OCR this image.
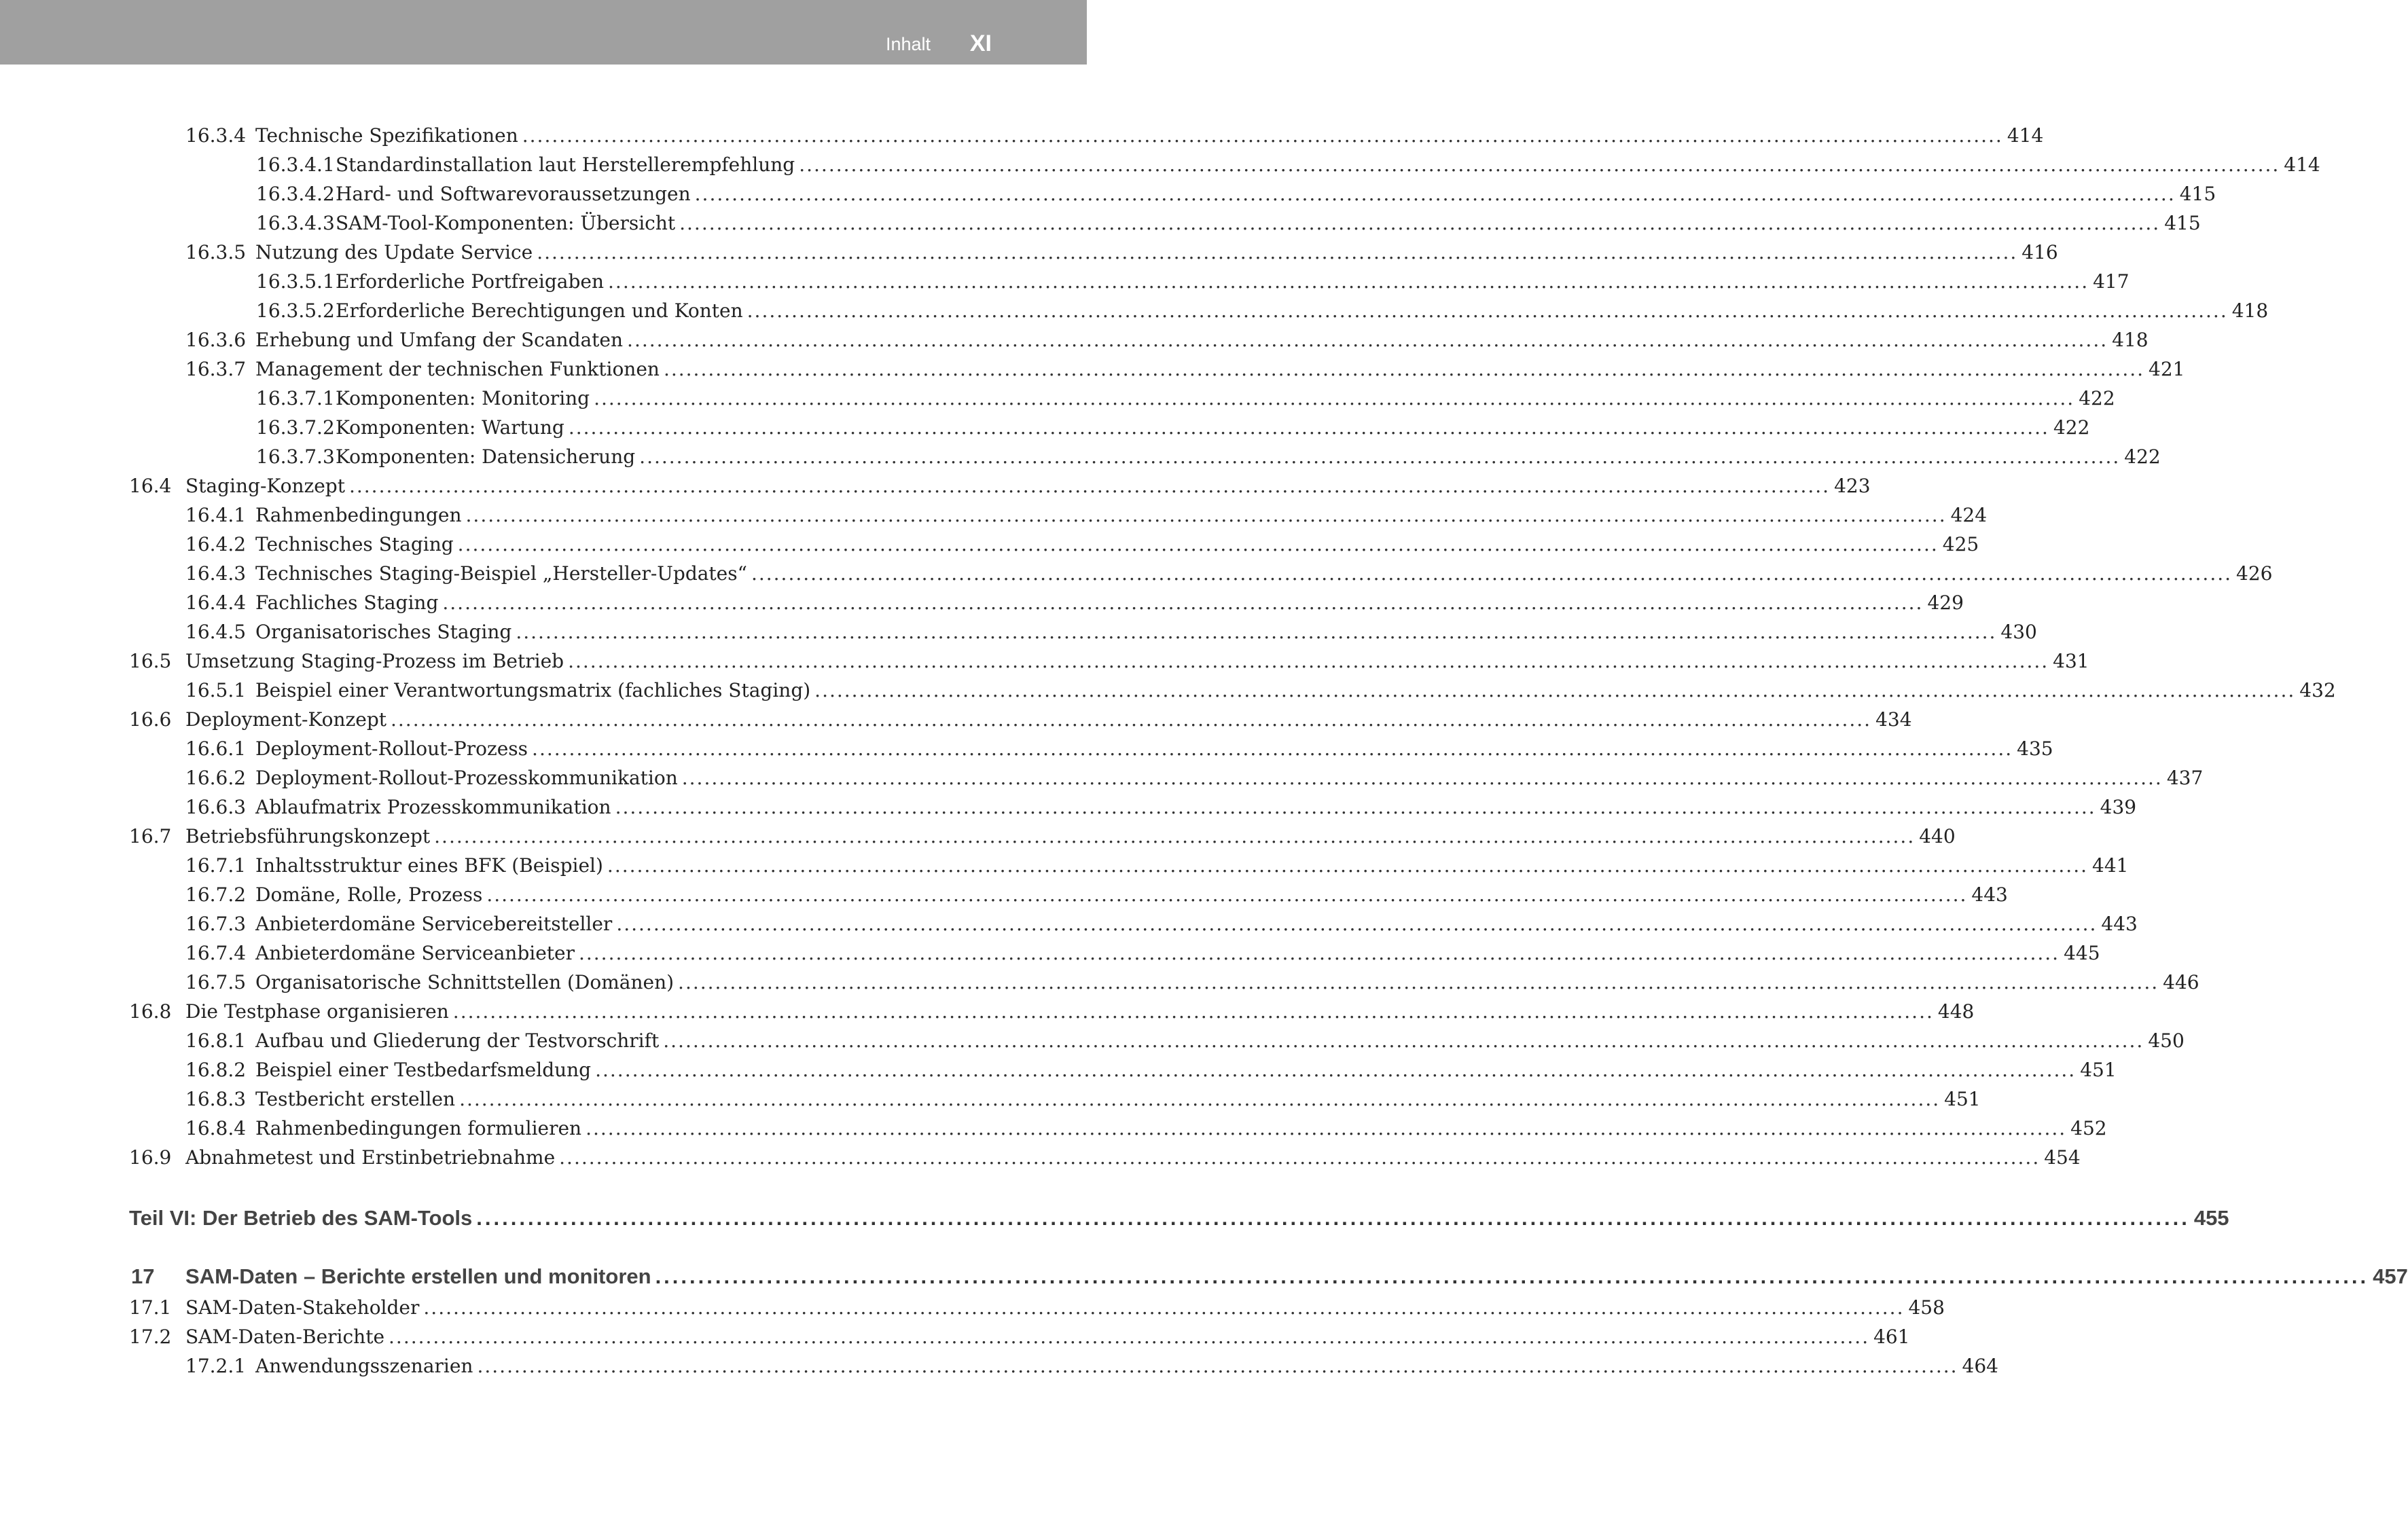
Inhalt XI
16.3.4 Technische Spezifikationen ........................................................................................................................................................................................................ 414
16.3.4.1 Standardinstallation laut Herstellerempfehlung ........................................................................................................................................................................................................ 414
16.3.4.2 Hard- und Softwarevoraussetzungen ........................................................................................................................................................................................................ 415
16.3.4.3 SAM-Tool-Komponenten: Übersicht ........................................................................................................................................................................................................ 415
16.3.5 Nutzung des Update Service ........................................................................................................................................................................................................ 416
16.3.5.1 Erforderliche Portfreigaben ........................................................................................................................................................................................................ 417
16.3.5.2 Erforderliche Berechtigungen und Konten ........................................................................................................................................................................................................ 418
16.3.6 Erhebung und Umfang der Scandaten ........................................................................................................................................................................................................ 418
16.3.7 Management der technischen Funktionen ........................................................................................................................................................................................................ 421
16.3.7.1 Komponenten: Monitoring ........................................................................................................................................................................................................ 422
16.3.7.2 Komponenten: Wartung ........................................................................................................................................................................................................ 422
16.3.7.3 Komponenten: Datensicherung ........................................................................................................................................................................................................ 422
16.4 Staging-Konzept ........................................................................................................................................................................................................ 423
16.4.1 Rahmenbedingungen ........................................................................................................................................................................................................ 424
16.4.2 Technisches Staging ........................................................................................................................................................................................................ 425
16.4.3 Technisches Staging-Beispiel „Hersteller-Updates“ ........................................................................................................................................................................................................ 426
16.4.4 Fachliches Staging ........................................................................................................................................................................................................ 429
16.4.5 Organisatorisches Staging ........................................................................................................................................................................................................ 430
16.5 Umsetzung Staging-Prozess im Betrieb ........................................................................................................................................................................................................ 431
16.5.1 Beispiel einer Verantwortungsmatrix (fachliches Staging) ........................................................................................................................................................................................................ 432
16.6 Deployment-Konzept ........................................................................................................................................................................................................ 434
16.6.1 Deployment-Rollout-Prozess ........................................................................................................................................................................................................ 435
16.6.2 Deployment-Rollout-Prozesskommunikation ........................................................................................................................................................................................................ 437
16.6.3 Ablaufmatrix Prozesskommunikation ........................................................................................................................................................................................................ 439
16.7 Betriebsführungskonzept ........................................................................................................................................................................................................ 440
16.7.1 Inhaltsstruktur eines BFK (Beispiel) ........................................................................................................................................................................................................ 441
16.7.2 Domäne, Rolle, Prozess ........................................................................................................................................................................................................ 443
16.7.3 Anbieterdomäne Servicebereitsteller ........................................................................................................................................................................................................ 443
16.7.4 Anbieterdomäne Serviceanbieter ........................................................................................................................................................................................................ 445
16.7.5 Organisatorische Schnittstellen (Domänen) ........................................................................................................................................................................................................ 446
16.8 Die Testphase organisieren ........................................................................................................................................................................................................ 448
16.8.1 Aufbau und Gliederung der Testvorschrift ........................................................................................................................................................................................................ 450
16.8.2 Beispiel einer Testbedarfsmeldung ........................................................................................................................................................................................................ 451
16.8.3 Testbericht erstellen ........................................................................................................................................................................................................ 451
16.8.4 Rahmenbedingungen formulieren ........................................................................................................................................................................................................ 452
16.9 Abnahmetest und Erstinbetriebnahme ........................................................................................................................................................................................................ 454
Teil VI: Der Betrieb des SAM-Tools ........................................................................................................................................................................................................ 455
17	SAM-Daten – Berichte erstellen und monitoren ........................................................................................................................................................................................................ 457
17.1 SAM-Daten-Stakeholder ........................................................................................................................................................................................................ 458
17.2 SAM-Daten-Berichte ........................................................................................................................................................................................................ 461
17.2.1 Anwendungsszenarien ........................................................................................................................................................................................................ 464
